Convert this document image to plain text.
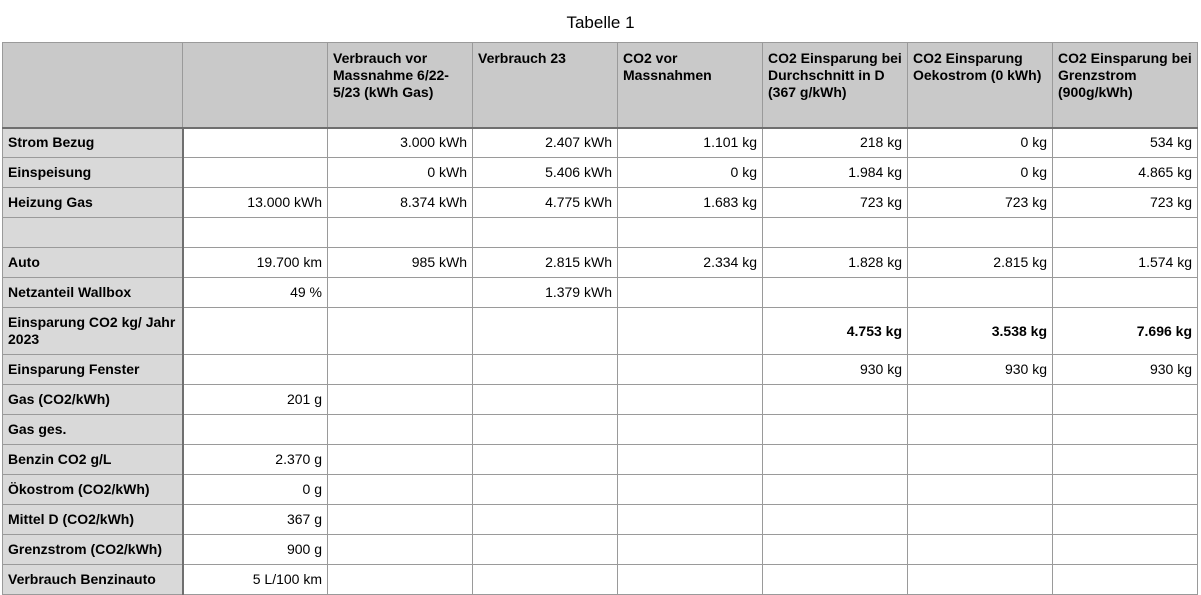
Tabelle 1
		Verbrauch vor Massnahme 6/22-5/23 (kWh Gas)	Verbrauch 23	CO2 vor Massnahmen	CO2 Einsparung bei Durchschnitt in D (367 g/kWh)	CO2 Einsparung Oekostrom (0 kWh)	CO2 Einsparung bei Grenzstrom (900g/kWh)
Strom Bezug		3.000 kWh	2.407 kWh	1.101 kg	218 kg	0 kg	534 kg
Einspeisung		0 kWh	5.406 kWh	0 kg	1.984 kg	0 kg	4.865 kg
Heizung Gas	13.000 kWh	8.374 kWh	4.775 kWh	1.683 kg	723 kg	723 kg	723 kg

Auto	19.700 km	985 kWh	2.815 kWh	2.334 kg	1.828 kg	2.815 kg	1.574 kg
Netzanteil Wallbox	49 %		1.379 kWh				
Einsparung CO2 kg/ Jahr 2023					4.753 kg	3.538 kg	7.696 kg
Einsparung Fenster					930 kg	930 kg	930 kg
Gas (CO2/kWh)	201 g						
Gas ges.							
Benzin CO2 g/L	2.370 g						
Ökostrom (CO2/kWh)	0 g						
Mittel D (CO2/kWh)	367 g						
Grenzstrom (CO2/kWh)	900 g						
Verbrauch Benzinauto	5 L/100 km						
